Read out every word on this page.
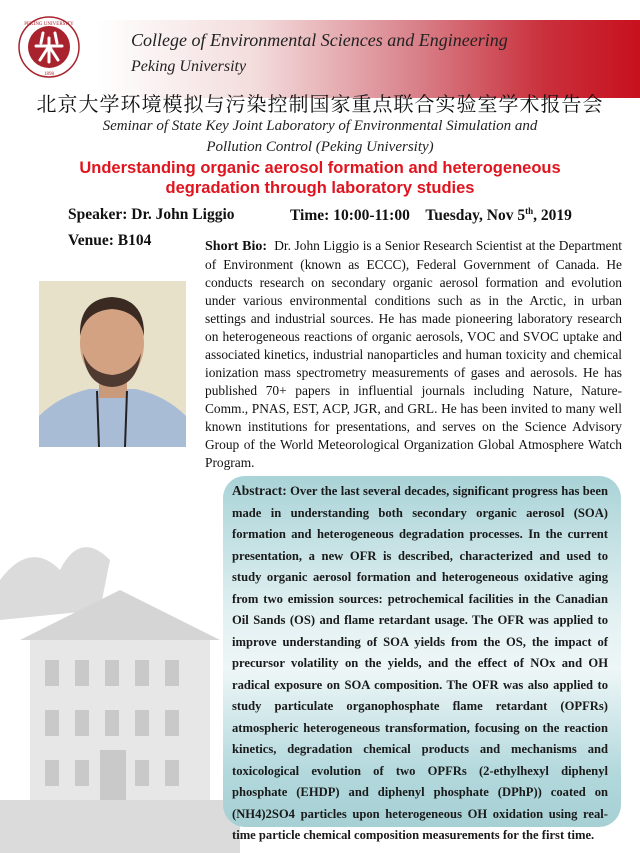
PEKING UNIVERSITY
1898
College of Environmental Sciences and Engineering
Peking University
北京大学环境模拟与污染控制国家重点联合实验室学术报告会
Seminar of State Key Joint Laboratory of Environmental Simulation and
Pollution Control (Peking University)
Understanding organic aerosol formation and heterogeneous
degradation through laboratory studies
Speaker: Dr. John Liggio	Time: 10:00-11:00 Tuesday, Nov 5th, 2019
Venue: B104	Short Bio: Dr. John Liggio is a Senior Research Scientist at the Department of Environment (known as ECCC), Federal Government of Canada. He conducts research on secondary organic aerosol formation and evolution under various environmental conditions such as in the Arctic, in urban settings and industrial sources. He has made pioneering laboratory research on heterogeneous reactions of organic aerosols, VOC and SVOC uptake and associated kinetics, industrial nanoparticles and human toxicity and chemical ionization mass spectrometry measurements of gases and aerosols. He has published 70+ papers in influential journals including Nature, Nature-Comm., PNAS, EST, ACP, JGR, and GRL. He has been invited to many well known institutions for presentations, and serves on the Science Advisory Group of the World Meteorological Organization Global Atmosphere Watch Program.
Abstract: Over the last several decades, significant progress has been made in understanding both secondary organic aerosol (SOA) formation and heterogeneous degradation processes. In the current presentation, a new OFR is described, characterized and used to study organic aerosol formation and heterogeneous oxidative aging from two emission sources: petrochemical facilities in the Canadian Oil Sands (OS) and flame retardant usage. The OFR was applied to improve understanding of SOA yields from the OS, the impact of precursor volatility on the yields, and the effect of NOx and OH radical exposure on SOA composition. The OFR was also applied to study particulate organophosphate flame retardant (OPFRs) atmospheric heterogeneous transformation, focusing on the reaction kinetics, degradation chemical products and mechanisms and toxicological evolution of two OPFRs (2-ethylhexyl diphenyl phosphate (EHDP) and diphenyl phosphate (DPhP)) coated on (NH4)2SO4 particles upon heterogeneous OH oxidation using real-time particle chemical composition measurements for the first time.
